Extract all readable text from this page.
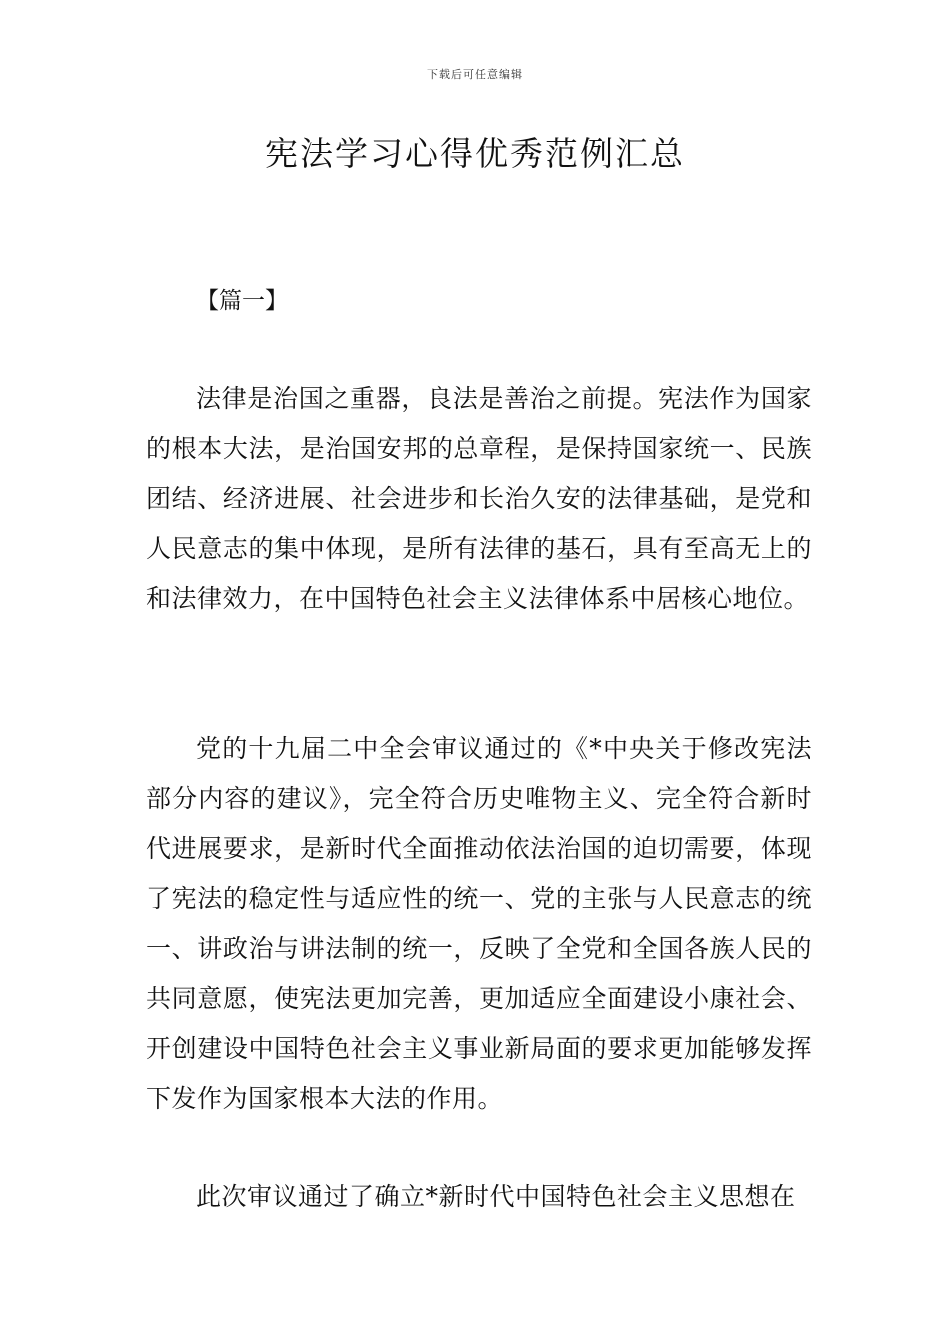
下载后可任意编辑
宪法学习心得优秀范例汇总
【篇一】

法律是治国之重器，良法是善治之前提。宪法作为国家的根本大法，是治国安邦的总章程，是保持国家统一、民族团结、经济进展、社会进步和长治久安的法律基础，是党和人民意志的集中体现，是所有法律的基石，具有至高无上的和法律效力，在中国特色社会主义法律体系中居核心地位。

党的十九届二中全会审议通过的《*中央关于修改宪法部分内容的建议》，完全符合历史唯物主义、完全符合新时代进展要求，是新时代全面推动依法治国的迫切需要，体现了宪法的稳定性与适应性的统一、党的主张与人民意志的统一、讲政治与讲法制的统一，反映了全党和全国各族人民的共同意愿，使宪法更加完善，更加适应全面建设小康社会、开创建设中国特色社会主义事业新局面的要求更加能够发挥下发作为国家根本大法的作用。

此次审议通过了确立*新时代中国特色社会主义思想在
